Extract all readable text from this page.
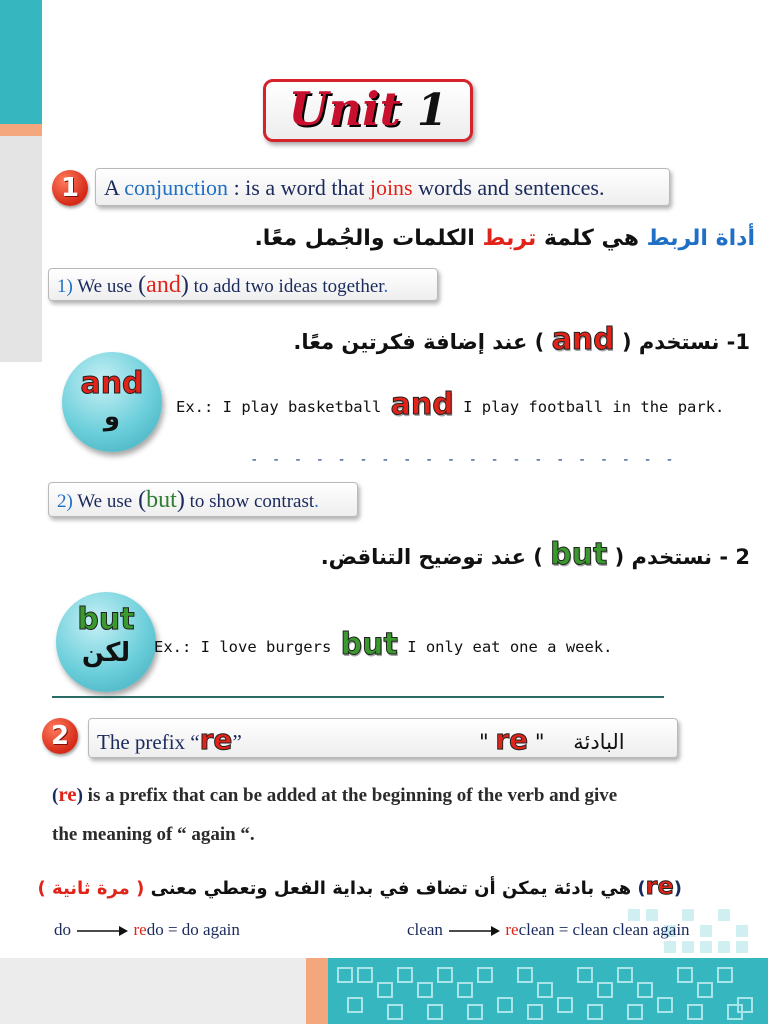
Unit 1
1	A conjunction : is a word that joins words and sentences.
أداة الربط هي كلمة تربط الكلمات والجُمل معًا.
1) We use (and) to add two ideas together.
1- نستخدم ( and ) عند إضافة فكرتين معًا.
and
و	Ex.: I play basketball and I play football in the park.
- - - - - - - - - - - - - - - - - - - -
2) We use (but) to show contrast.
2 - نستخدم ( but ) عند توضيح التناقض.
but
لكن	Ex.: I love burgers but I only eat one a week.
2	The prefix “re”	" re " البادئة
(re) is a prefix that can be added at the beginning of the verb and give
the meaning of “ again “.
(re) هي بادئة يمكن أن تضاف في بداية الفعل وتعطي معنى ( مرة ثانية )
do	redo = do again	clean	reclean = clean clean again
